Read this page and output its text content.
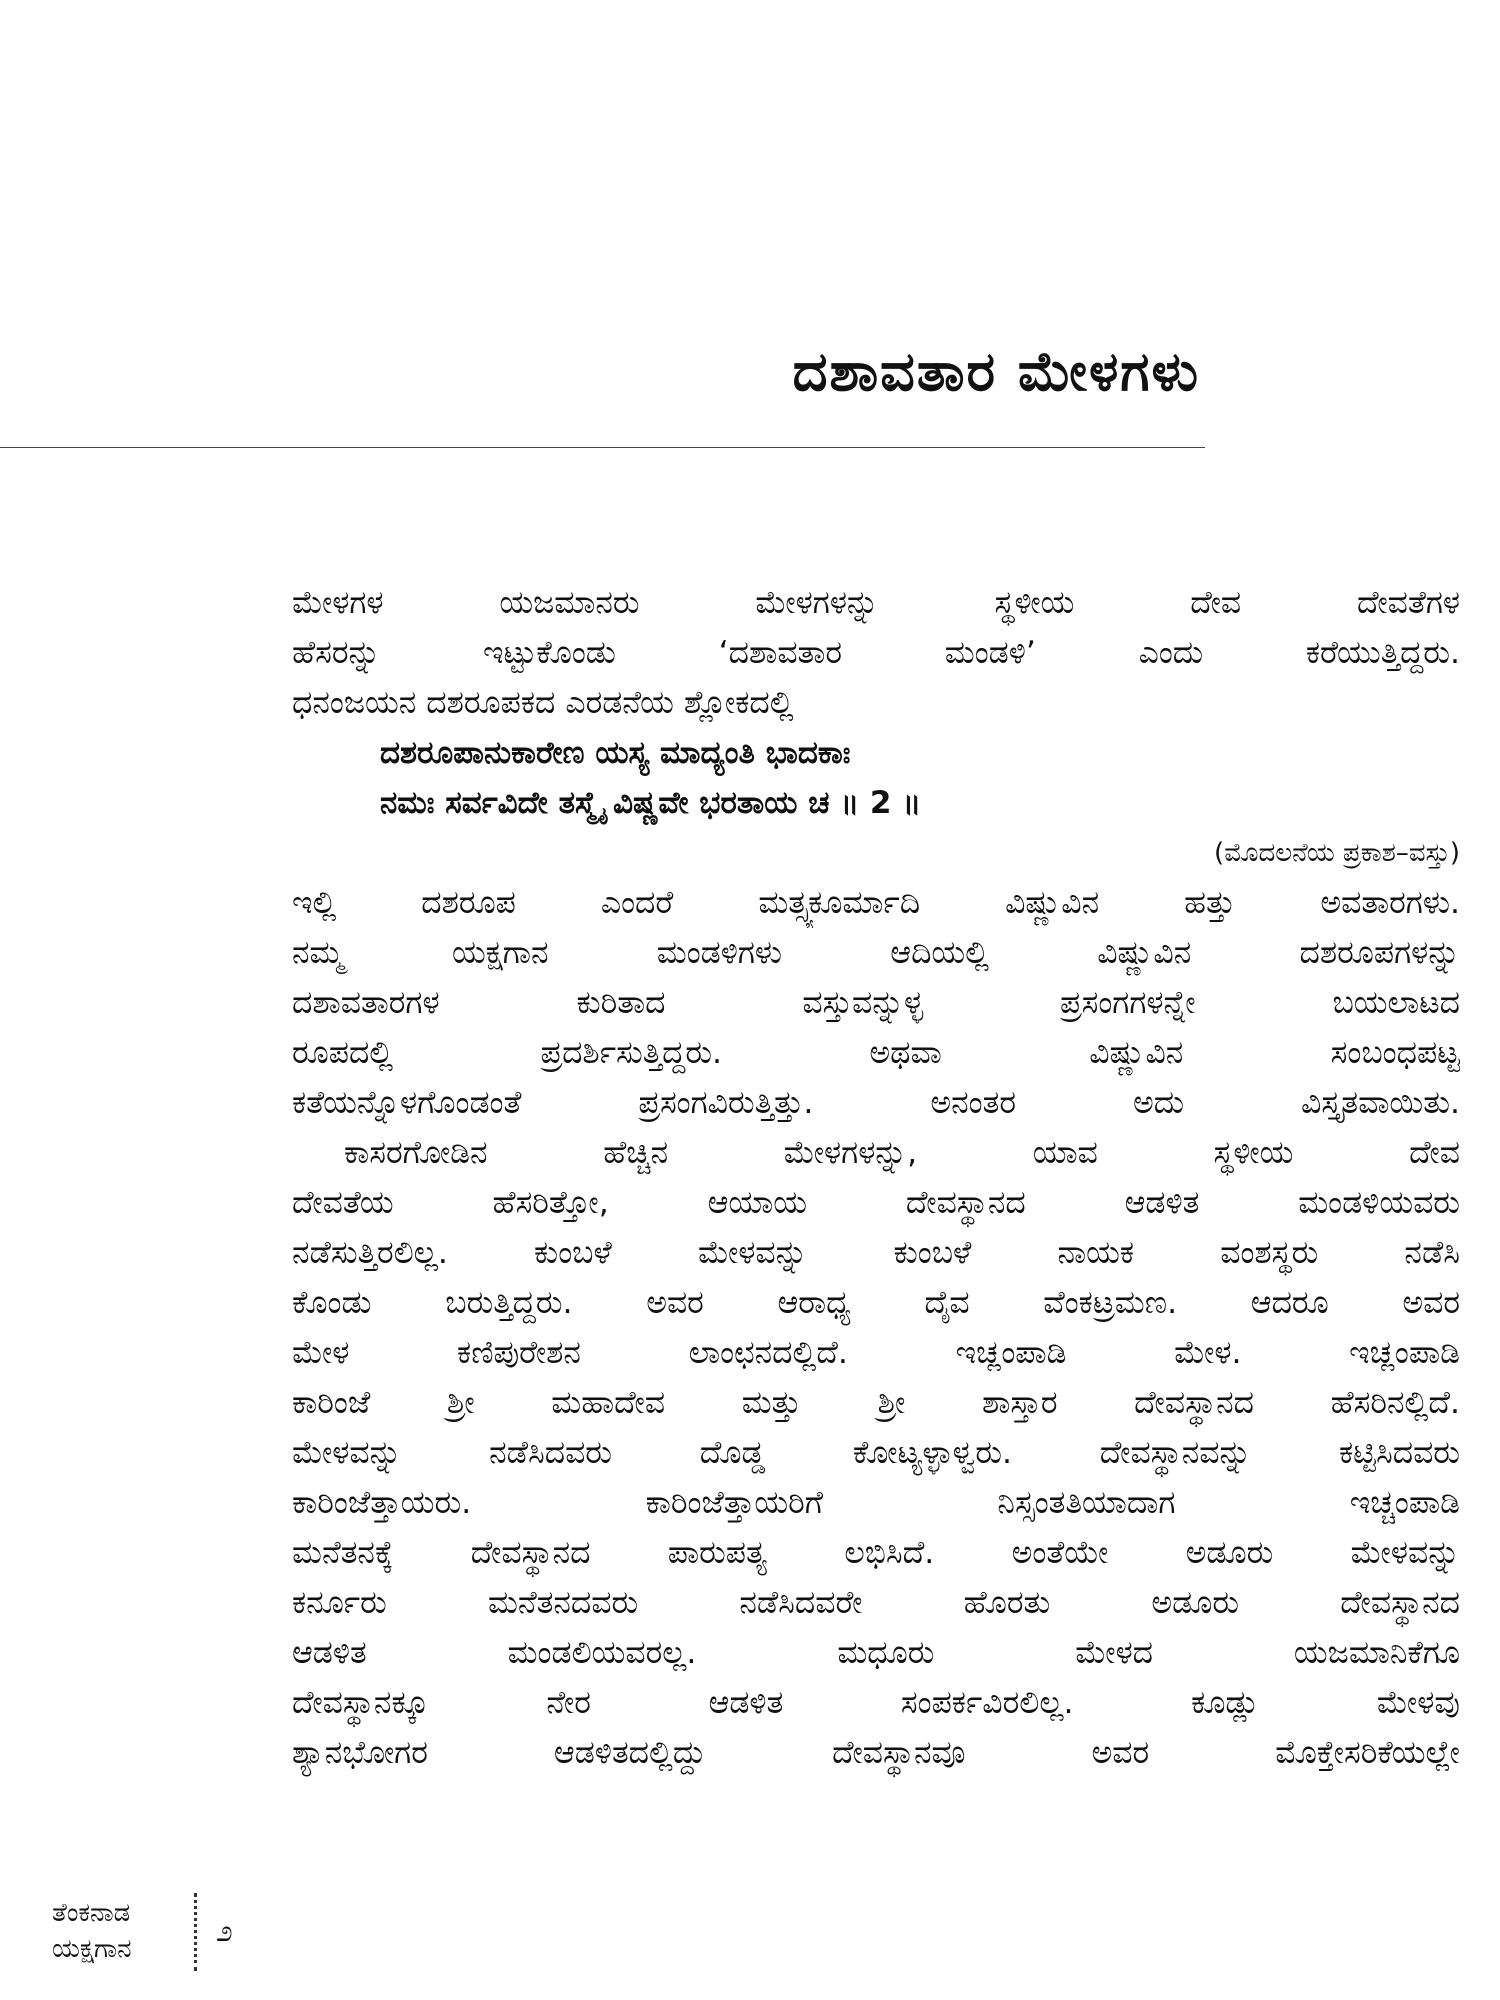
ದಶಾವತಾರ ಮೇಳಗಳು
ಮೇಳಗಳ ಯಜಮಾನರು ಮೇಳಗಳನ್ನು ಸ್ಥಳೀಯ ದೇವ ದೇವತೆಗಳ
ಹೆಸರನ್ನು ಇಟ್ಟುಕೊಂಡು ‘ದಶಾವತಾರ ಮಂಡಳಿ’ ಎಂದು ಕರೆಯುತ್ತಿದ್ದರು.
ಧನಂಜಯನ ದಶರೂಪಕದ ಎರಡನೆಯ ಶ್ಲೋಕದಲ್ಲಿ
ದಶರೂಪಾನುಕಾರೇಣ ಯಸ್ಯ ಮಾದ್ಯಂತಿ ಭಾದಕಾಃ
ನಮಃ ಸರ್ವವಿದೇ ತಸ್ಮೈ ವಿಷ್ಣವೇ ಭರತಾಯ ಚ ॥ 2 ॥
(ಮೊದಲನೆಯ ಪ್ರಕಾಶ–ವಸ್ತು)
ಇಲ್ಲಿ ದಶರೂಪ ಎಂದರೆ ಮತ್ಸ್ಯಕೂರ್ಮಾದಿ ವಿಷ್ಣುವಿನ ಹತ್ತು ಅವತಾರಗಳು.
ನಮ್ಮ ಯಕ್ಷಗಾನ ಮಂಡಳಿಗಳು ಆದಿಯಲ್ಲಿ ವಿಷ್ಣುವಿನ ದಶರೂಪಗಳನ್ನು
ದಶಾವತಾರಗಳ ಕುರಿತಾದ ವಸ್ತುವನ್ನುಳ್ಳ ಪ್ರಸಂಗಗಳನ್ನೇ ಬಯಲಾಟದ
ರೂಪದಲ್ಲಿ ಪ್ರದರ್ಶಿಸುತ್ತಿದ್ದರು. ಅಥವಾ ವಿಷ್ಣುವಿನ ಸಂಬಂಧಪಟ್ಟ
ಕತೆಯನ್ನೊಳಗೊಂಡಂತೆ ಪ್ರಸಂಗವಿರುತ್ತಿತ್ತು. ಅನಂತರ ಅದು ವಿಸ್ತೃತವಾಯಿತು.
ಕಾಸರಗೋಡಿನ ಹೆಚ್ಚಿನ ಮೇಳಗಳನ್ನು, ಯಾವ ಸ್ಥಳೀಯ ದೇವ
ದೇವತೆಯ ಹೆಸರಿತ್ತೋ, ಆಯಾಯ ದೇವಸ್ಥಾನದ ಆಡಳಿತ ಮಂಡಳಿಯವರು
ನಡೆಸುತ್ತಿರಲಿಲ್ಲ. ಕುಂಬಳೆ ಮೇಳವನ್ನು ಕುಂಬಳೆ ನಾಯಕ ವಂಶಸ್ಥರು ನಡೆಸಿ
ಕೊಂಡು ಬರುತ್ತಿದ್ದರು. ಅವರ ಆರಾಧ್ಯ ದೈವ ವೆಂಕಟ್ರಮಣ. ಆದರೂ ಅವರ
ಮೇಳ ಕಣಿಪುರೇಶನ ಲಾಂಛನದಲ್ಲಿದೆ. ಇಚ್ಲಂಪಾಡಿ ಮೇಳ. ಇಚ್ಲಂಪಾಡಿ
ಕಾರಿಂಜೆ ಶ್ರೀ ಮಹಾದೇವ ಮತ್ತು ಶ್ರೀ ಶಾಸ್ತಾರ ದೇವಸ್ಥಾನದ ಹೆಸರಿನಲ್ಲಿದೆ.
ಮೇಳವನ್ನು ನಡೆಸಿದವರು ದೊಡ್ಡ ಕೋಟ್ಯಳ್ಳಾಳ್ವರು. ದೇವಸ್ಥಾನವನ್ನು ಕಟ್ಟಿಸಿದವರು
ಕಾರಿಂಜೆತ್ತಾಯರು. ಕಾರಿಂಜೆತ್ತಾಯರಿಗೆ ನಿಸ್ಸಂತತಿಯಾದಾಗ ಇಚ್ಚಂಪಾಡಿ
ಮನೆತನಕ್ಕೆ ದೇವಸ್ಥಾನದ ಪಾರುಪತ್ಯ ಲಭಿಸಿದೆ. ಅಂತೆಯೇ ಅಡೂರು ಮೇಳವನ್ನು
ಕರ್ನೂರು ಮನೆತನದವರು ನಡೆಸಿದವರೇ ಹೊರತು ಅಡೂರು ದೇವಸ್ಥಾನದ
ಆಡಳಿತ ಮಂಡಲಿಯವರಲ್ಲ. ಮಧೂರು ಮೇಳದ ಯಜಮಾನಿಕೆಗೂ
ದೇವಸ್ಥಾನಕ್ಕೂ ನೇರ ಆಡಳಿತ ಸಂಪರ್ಕವಿರಲಿಲ್ಲ. ಕೂಡ್ಲು ಮೇಳವು
ಶ್ಯಾನಭೋಗರ ಆಡಳಿತದಲ್ಲಿದ್ದು ದೇವಸ್ಥಾನವೂ ಅವರ ಮೊಕ್ತೇಸರಿಕೆಯಲ್ಲೇ
ತೆಂಕನಾಡ
ಯಕ್ಷಗಾನ	೨
